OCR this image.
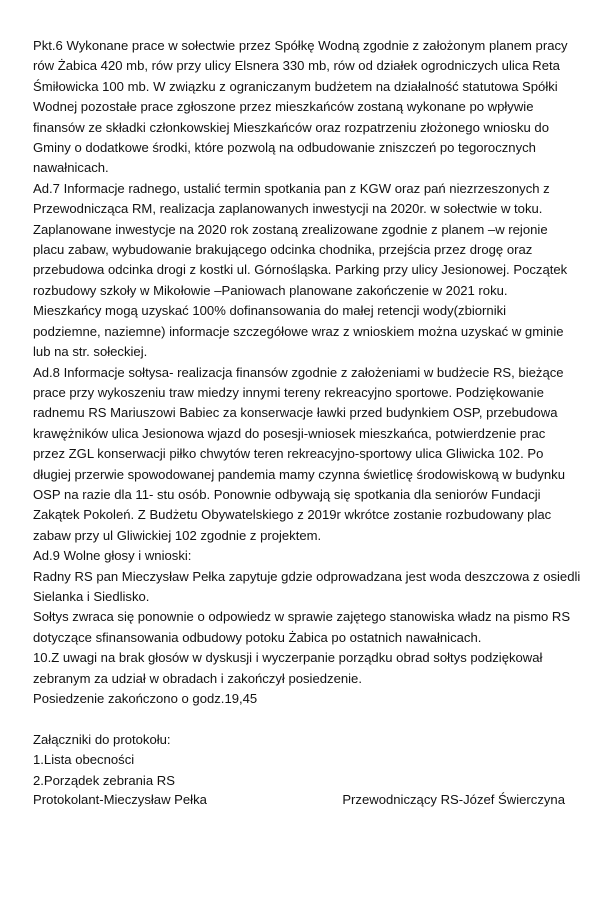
Pkt.6 Wykonane prace w sołectwie przez Spółkę Wodną zgodnie z założonym planem pracy
rów Żabica 420 mb, rów przy ulicy Elsnera 330 mb, rów od działek ogrodniczych ulica Reta
Śmiłowicka 100 mb. W związku z ograniczanym budżetem na działalność statutowa Spółki
Wodnej pozostałe prace zgłoszone przez mieszkańców zostaną wykonane po wpływie
finansów ze składki członkowskiej Mieszkańców oraz rozpatrzeniu złożonego wniosku do
Gminy o dodatkowe środki, które pozwolą na odbudowanie zniszczeń po tegorocznych
nawałnicach.
Ad.7 Informacje radnego, ustalić termin spotkania pan z KGW oraz pań niezrzeszonych z
Przewodnicząca RM, realizacja zaplanowanych inwestycji na 2020r. w sołectwie w toku.
Zaplanowane inwestycje na 2020 rok zostaną zrealizowane zgodnie z planem –w rejonie
placu zabaw, wybudowanie brakującego odcinka chodnika, przejścia przez drogę oraz
przebudowa odcinka drogi z kostki ul. Górnośląska. Parking przy ulicy Jesionowej. Początek
rozbudowy szkoły w Mikołowie –Paniowach planowane zakończenie w 2021 roku.
Mieszkańcy mogą uzyskać 100% dofinansowania do małej retencji wody(zbiorniki
podziemne, naziemne) informacje szczegółowe wraz z wnioskiem można uzyskać w gminie
lub na str. sołeckiej.
Ad.8 Informacje sołtysa- realizacja finansów zgodnie z założeniami w budżecie RS, bieżące
prace przy wykoszeniu traw miedzy innymi tereny rekreacyjno sportowe. Podziękowanie
radnemu RS Mariuszowi Babiec za konserwacje ławki przed budynkiem OSP, przebudowa
krawężników ulica Jesionowa wjazd do posesji-wniosek mieszkańca, potwierdzenie prac
przez ZGL konserwacji piłko chwytów teren rekreacyjno-sportowy ulica Gliwicka 102. Po
długiej przerwie spowodowanej pandemia mamy czynna świetlicę środowiskową w budynku
OSP na razie dla 11- stu osób. Ponownie odbywają się spotkania dla seniorów Fundacji
Zakątek Pokoleń. Z Budżetu Obywatelskiego z 2019r wkrótce zostanie rozbudowany plac
zabaw przy ul Gliwickiej 102 zgodnie z projektem.
Ad.9 Wolne głosy i wnioski:
Radny RS pan Mieczysław Pełka zapytuje gdzie odprowadzana jest woda deszczowa z osiedli
Sielanka i Siedlisko.
Sołtys zwraca się ponownie o odpowiedz w sprawie zajętego stanowiska władz na pismo RS
dotyczące sfinansowania odbudowy potoku Żabica po ostatnich nawałnicach.
10.Z uwagi na brak głosów w dyskusji i wyczerpanie porządku obrad sołtys podziękował
zebranym za udział w obradach i zakończył posiedzenie.
Posiedzenie zakończono o godz.19,45
Załączniki do protokołu:
1.Lista obecności
2.Porządek zebrania RS
Protokolant-Mieczysław Pełka	Przewodniczący RS-Józef Świerczyna
